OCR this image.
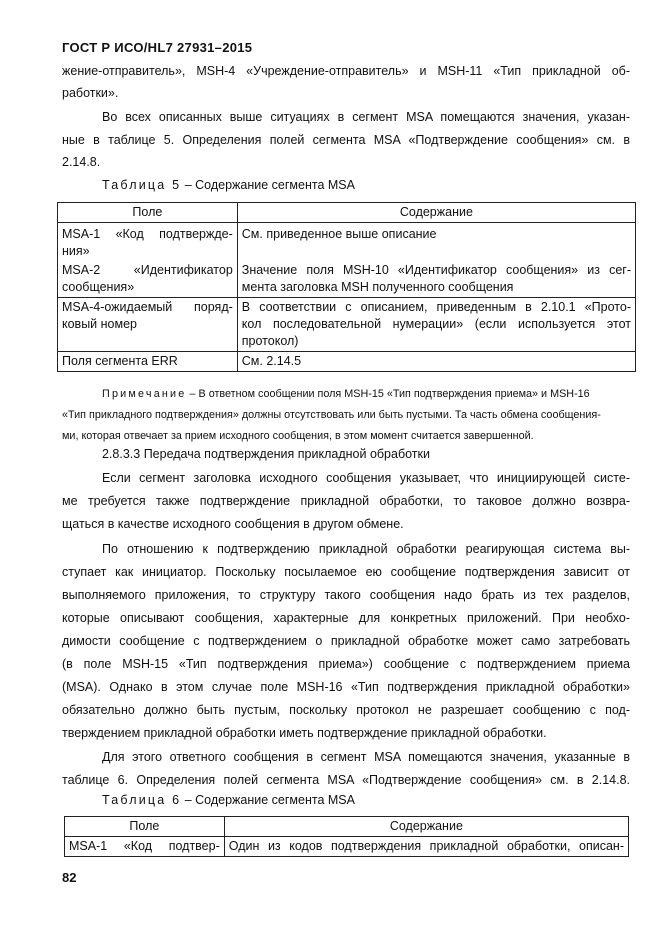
ГОСТ Р ИСО/HL7 27931–2015
жение-отправитель», MSH-4 «Учреждение-отправитель» и MSH-11 «Тип прикладной об-
работки».
Во всех описанных выше ситуациях в сегмент MSA помещаются значения, указан-
ные в таблице 5. Определения полей сегмента MSA «Подтверждение сообщения» см. в
2.14.8.
Таблица 5 – Содержание сегмента MSA
Поле	Содержание

MSA-1 «Код подтвержде-
ния»	См. приведенное выше описание

MSA-2 «Идентификатор
сообщения»	Значение поля MSH-10 «Идентификатор сообщения» из сег-
мента заголовка MSH полученного сообщения

MSA-4-ожидаемый поряд-
ковый номер	В соответствии с описанием, приведенным в 2.10.1 «Прото-
кол последовательной нумерации» (если используется этот
протокол)
Поля сегмента ERR	См. 2.14.5
Примечание – В ответном сообщении поля MSH-15 «Тип подтверждения приема» и MSH-16
«Тип прикладного подтверждения» должны отсутствовать или быть пустыми. Та часть обмена сообщения-
ми, которая отвечает за прием исходного сообщения, в этом момент считается завершенной.
2.8.3.3 Передача подтверждения прикладной обработки
Если сегмент заголовка исходного сообщения указывает, что инициирующей систе-
ме требуется также подтверждение прикладной обработки, то таковое должно возвра-
щаться в качестве исходного сообщения в другом обмене.
По отношению к подтверждению прикладной обработки реагирующая система вы-
ступает как инициатор. Поскольку посылаемое ею сообщение подтверждения зависит от
выполняемого приложения, то структуру такого сообщения надо брать из тех разделов,
которые описывают сообщения, характерные для конкретных приложений. При необхо-
димости сообщение с подтверждением о прикладной обработке может само затребовать
(в поле MSH-15 «Тип подтверждения приема») сообщение с подтверждением приема
(MSA). Однако в этом случае поле MSH-16 «Тип подтверждения прикладной обработки»
обязательно должно быть пустым, поскольку протокол не разрешает сообщению с под-
тверждением прикладной обработки иметь подтверждение прикладной обработки.
Для этого ответного сообщения в сегмент MSA помещаются значения, указанные в
таблице 6. Определения полей сегмента MSA «Подтверждение сообщения» см. в 2.14.8.
Таблица 6 – Содержание сегмента MSA
Поле	Содержание

MSA-1 «Код подтвер-	Один из кодов подтверждения прикладной обработки, описан-
82
